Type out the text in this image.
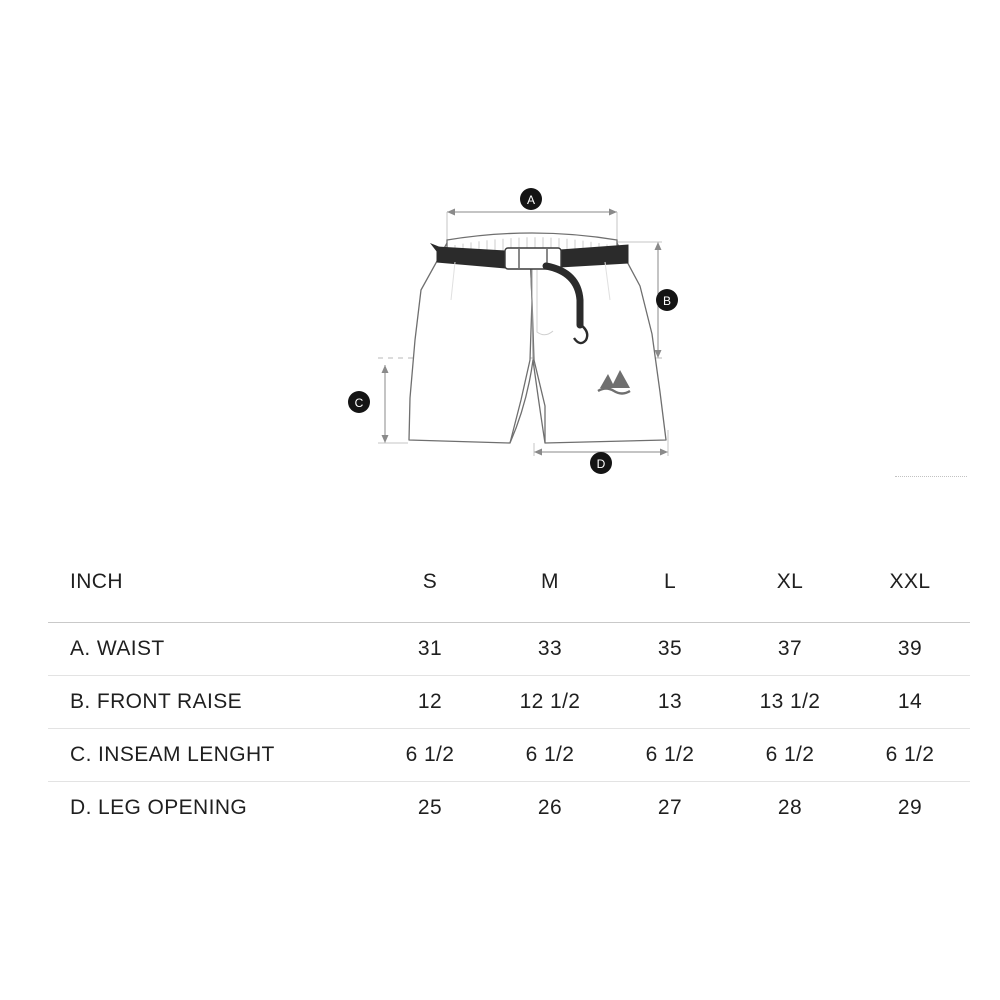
A
B
C
D
INCH	S	M	L	XL	XXL
A. WAIST	31	33	35	37	39
B. FRONT RAISE	12	12 1/2	13	13 1/2	14
C. INSEAM LENGHT	6 1/2	6 1/2	6 1/2	6 1/2	6 1/2
D. LEG OPENING	25	26	27	28	29
